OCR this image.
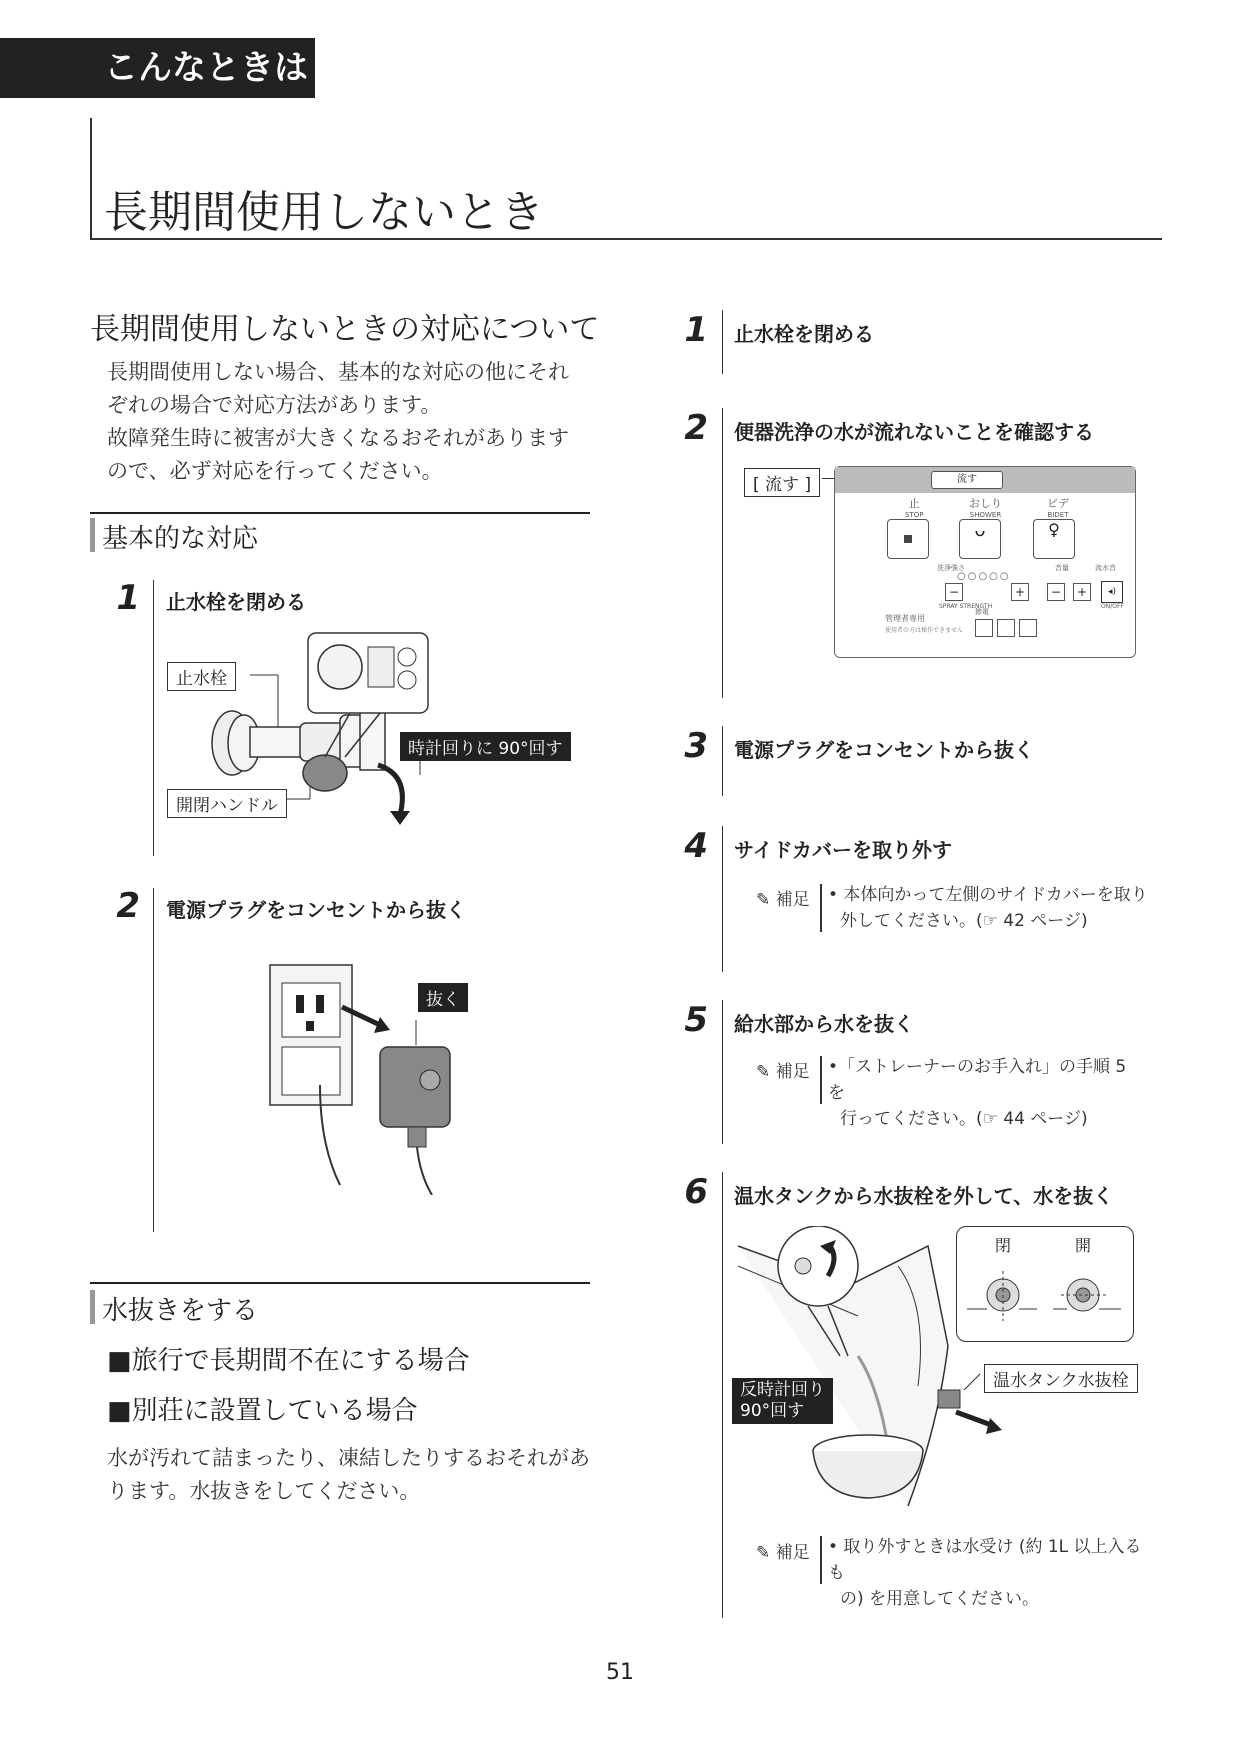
こんなときは
長期間使用しないとき
長期間使用しないときの対応について
長期間使用しない場合、基本的な対応の他にそれ
ぞれの場合で対応方法があります。
故障発生時に被害が大きくなるおそれがあります
ので、必ず対応を行ってください。
基本的な対応
1 止水栓を閉める
止水栓
開閉ハンドル
時計回りに 90°回す
2 電源プラグをコンセントから抜く
抜く
水抜きをする
■旅行で長期間不在にする場合
■別荘に設置している場合
水が汚れて詰まったり、凍結したりするおそれがあ
ります。水抜きをしてください。
1 止水栓を閉める
2 便器洗浄の水が流れないことを確認する
[ 流す ]	流す
止
STOP
おしり
SHOWER
ビデ
BIDET
ᴗ	♀
洗浄強さ	音量	流水音
○○○○○
−	+	−	+	◂)
SPRAY STRENGTH	ON/OFF
管理者専用
使用者の方は操作できません
節電
3 電源プラグをコンセントから抜く
4 サイドカバーを取り外す
✎ 補足 • 本体向かって左側のサイドカバーを取り
外してください。(☞ 42 ページ)
5 給水部から水を抜く
✎ 補足 •「ストレーナーのお手入れ」の手順 5 を
行ってください。(☞ 44 ページ)
6 温水タンクから水抜栓を外して、水を抜く
反時計回り
90°回す
温水タンク水抜栓
閉	開
✎ 補足 • 取り外すときは水受け (約 1L 以上入るも
の) を用意してください。
51
